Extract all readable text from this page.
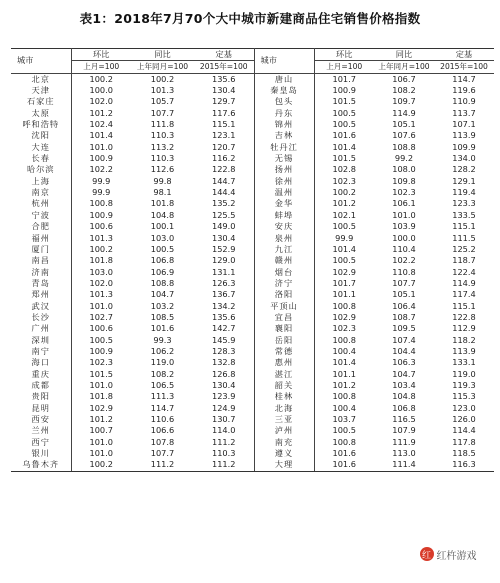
表1：2018年7月70个大中城市新建商品住宅销售价格指数
城市	环比	同比	定基	城市	环比	同比	定基
	上月=100	上年同月=100	2015年=100		上月=100	上年同月=100	2015年=100
北京	100.2	100.2	135.6	唐山	101.7	106.7	114.7
天津	100.0	101.3	130.4	秦皇岛	100.9	108.2	119.6
石家庄	102.0	105.7	129.7	包头	101.5	109.7	110.9
太原	101.2	107.7	117.6	丹东	100.5	114.9	113.7
呼和浩特	102.4	111.8	115.1	锦州	100.5	105.1	107.1
沈阳	101.4	110.3	123.1	吉林	101.6	107.6	113.9
大连	101.0	113.2	120.7	牡丹江	101.4	108.8	109.9
长春	100.9	110.3	116.2	无锡	101.5	99.2	134.0
哈尔滨	102.2	112.6	122.8	扬州	102.8	108.0	128.2
上海	99.9	99.8	144.7	徐州	102.3	109.8	129.1
南京	99.9	98.1	144.4	温州	100.2	102.3	119.4
杭州	100.8	101.8	135.2	金华	101.2	106.1	123.3
宁波	100.9	104.8	125.5	蚌埠	102.1	101.0	133.5
合肥	100.6	100.1	149.0	安庆	100.5	103.9	115.1
福州	101.3	103.0	130.4	泉州	99.9	100.0	111.5
厦门	100.2	100.5	152.9	九江	101.4	110.4	125.2
南昌	101.8	106.8	129.0	赣州	100.5	102.2	118.7
济南	103.0	106.9	131.1	烟台	102.9	110.8	122.4
青岛	102.0	108.8	126.3	济宁	101.7	107.7	114.9
郑州	101.3	104.7	136.7	洛阳	101.1	105.1	117.4
武汉	101.0	103.2	134.2	平顶山	100.8	106.4	115.1
长沙	102.7	108.5	135.6	宜昌	102.9	108.7	122.8
广州	100.6	101.6	142.7	襄阳	102.3	109.5	112.9
深圳	100.5	99.3	145.9	岳阳	100.8	107.4	118.2
南宁	100.9	106.2	128.3	常德	100.4	104.4	113.9
海口	102.3	119.0	132.8	惠州	101.4	106.3	133.1
重庆	101.5	108.2	126.8	湛江	101.1	104.7	119.0
成都	101.0	106.5	130.4	韶关	101.2	103.4	119.3
贵阳	101.8	111.3	123.9	桂林	100.8	104.8	115.3
昆明	102.9	114.7	124.9	北海	100.4	106.8	123.0
西安	101.2	110.6	130.7	三亚	103.7	116.5	126.0
兰州	100.7	106.6	114.0	泸州	100.5	107.9	114.4
西宁	101.0	107.8	111.2	南充	100.8	111.9	117.8
银川	101.0	107.7	110.3	遵义	101.6	113.0	118.5
乌鲁木齐	100.2	111.2	111.2	大理	101.6	111.4	116.3
红 红杵游戏
